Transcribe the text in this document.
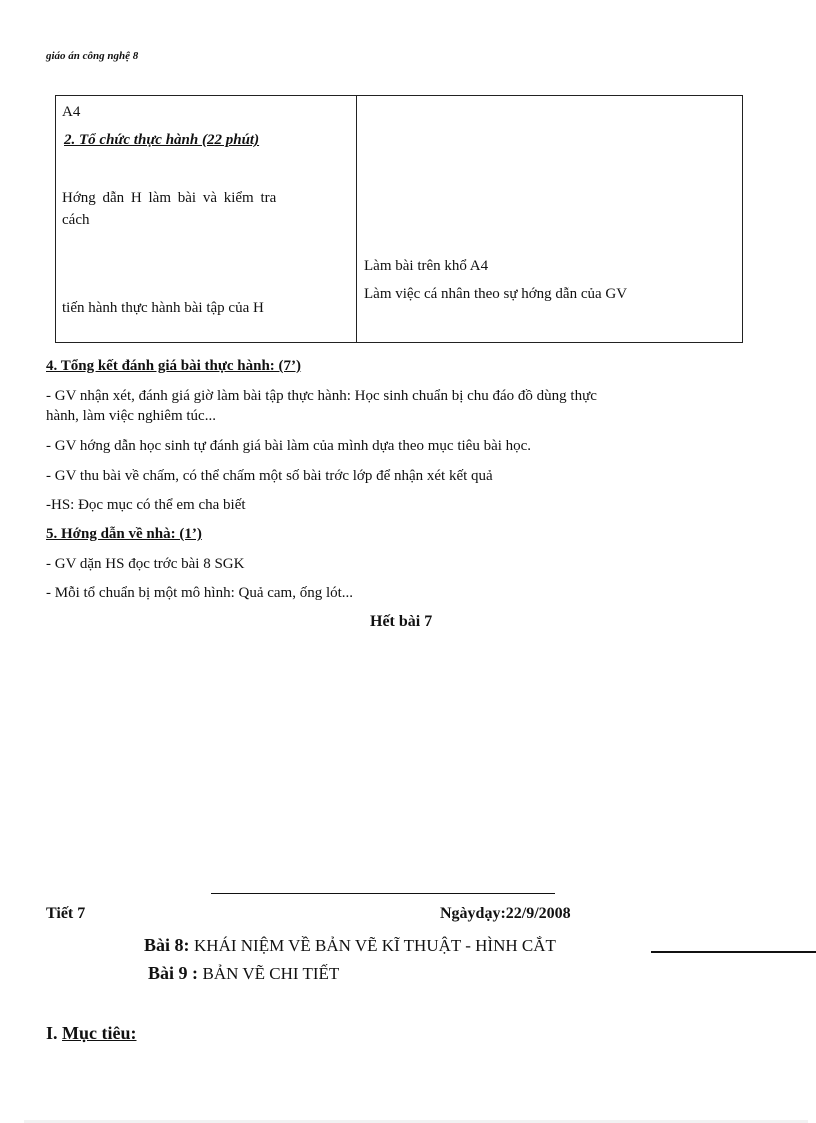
giáo án công nghệ 8
A4
2. Tổ chức thực hành (22 phút)
Hớng dẫn H làm bài và kiểm tra
cách
tiến hành thực hành bài tập của H
Làm bài trên khổ A4
Làm việc cá nhân theo sự hớng dẫn của GV
4. Tổng kết đánh giá bài thực hành: (7’)
- GV nhận xét, đánh giá giờ làm bài tập thực hành: Học sinh chuẩn bị chu đáo đồ dùng thực
hành, làm việc nghiêm túc...
- GV hớng dẫn học sinh tự đánh giá bài làm của mình dựa theo mục tiêu bài học.
- GV thu bài về chấm, có thể chấm một số bài trớc lớp để nhận xét kết quả
-HS: Đọc mục có thể em cha biết
5. Hớng dẫn về nhà: (1’)
- GV dặn HS đọc trớc bài 8 SGK
- Mỗi tổ chuẩn bị một mô hình: Quả cam, ống lót...
Hết bài 7
Tiết 7	Ngàydạy:22/9/2008
Bài 8: KHÁI NIỆM VỀ BẢN VẼ KĨ THUẬT - HÌNH CẮT
Bài 9 : BẢN VẼ CHI TIẾT
I. Mục tiêu:
